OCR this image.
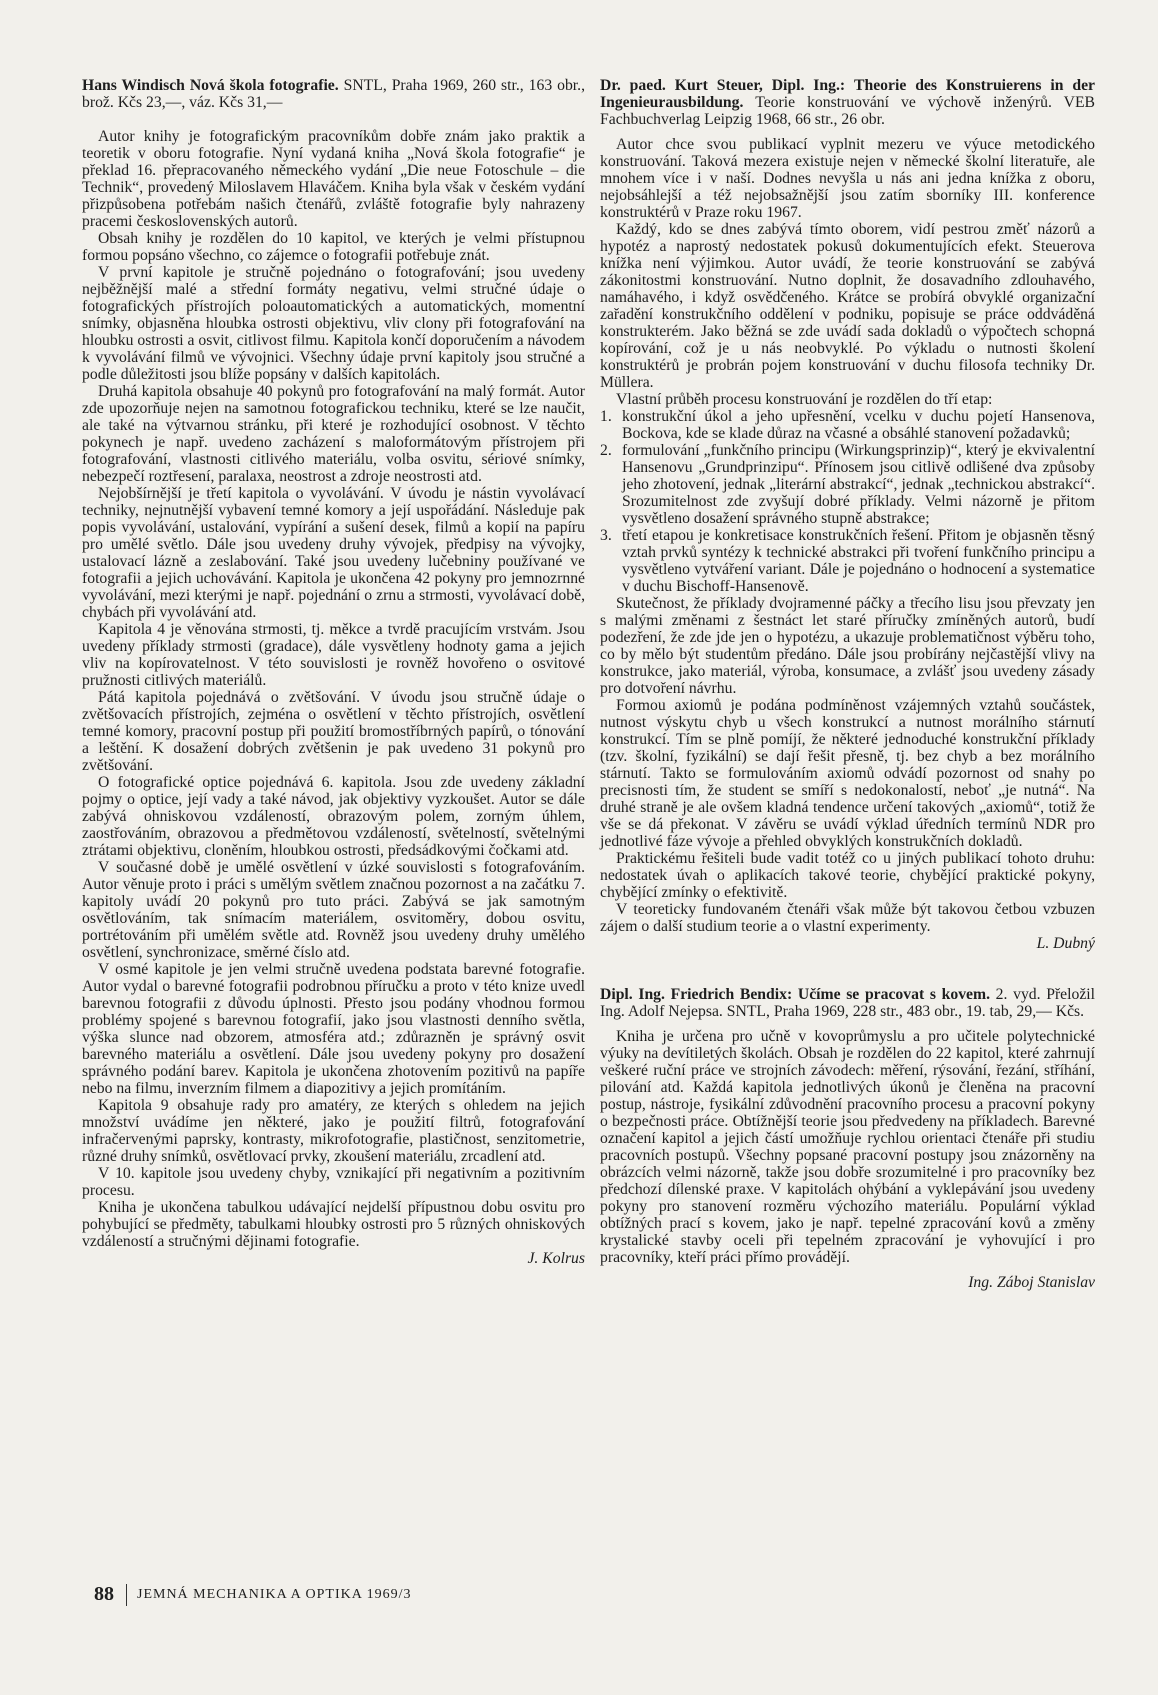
Hans Windisch Nová škola fotografie. SNTL, Praha 1969, 260 str., 163 obr., brož. Kčs 23,—, váz. Kčs 31,—

Autor knihy je fotografickým pracovníkům dobře znám jako praktik a teoretik v oboru fotografie. Nyní vydaná kniha „Nová škola fotografie“ je překlad 16. přepracovaného německého vydání „Die neue Fotoschule – die Technik“, provedený Miloslavem Hlaváčem. Kniha byla však v českém vydání přizpůsobena potřebám našich čtenářů, zvláště fotografie byly nahrazeny pracemi československých autorů.

Obsah knihy je rozdělen do 10 kapitol, ve kterých je velmi přístupnou formou popsáno všechno, co zájemce o fotografii potřebuje znát.

V první kapitole je stručně pojednáno o fotografování; jsou uvedeny nejběžnější malé a střední formáty negativu, velmi stručné údaje o fotografických přístrojích poloautomatických a automatických, momentní snímky, objasněna hloubka ostrosti objektivu, vliv clony při fotografování na hloubku ostrosti a osvit, citlivost filmu. Kapitola končí doporučením a návodem k vyvolávání filmů ve vývojnici. Všechny údaje první kapitoly jsou stručné a podle důležitosti jsou blíže popsány v dalších kapitolách.

Druhá kapitola obsahuje 40 pokynů pro fotografování na malý formát. Autor zde upozorňuje nejen na samotnou fotografickou techniku, které se lze naučit, ale také na výtvarnou stránku, při které je rozhodující osobnost. V těchto pokynech je např. uvedeno zacházení s maloformátovým přístrojem při fotografování, vlastnosti citlivého materiálu, volba osvitu, sériové snímky, nebezpečí roztřesení, paralaxa, neostrost a zdroje neostrosti atd.

Nejobšírnější je třetí kapitola o vyvolávání. V úvodu je nástin vyvolávací techniky, nejnutnější vybavení temné komory a její uspořádání. Následuje pak popis vyvolávání, ustalování, vypírání a sušení desek, filmů a kopií na papíru pro umělé světlo. Dále jsou uvedeny druhy vývojek, předpisy na vývojky, ustalovací lázně a zeslabování. Také jsou uvedeny lučebniny používané ve fotografii a jejich uchovávání. Kapitola je ukončena 42 pokyny pro jemnozrnné vyvolávání, mezi kterými je např. pojednání o zrnu a strmosti, vyvolávací době, chybách při vyvolávání atd.

Kapitola 4 je věnována strmosti, tj. měkce a tvrdě pracujícím vrstvám. Jsou uvedeny příklady strmosti (gradace), dále vysvětleny hodnoty gama a jejich vliv na kopírovatelnost. V této souvislosti je rovněž hovořeno o osvitové pružnosti citlivých materiálů.

Pátá kapitola pojednává o zvětšování. V úvodu jsou stručně údaje o zvětšovacích přístrojích, zejména o osvětlení v těchto přístrojích, osvětlení temné komory, pracovní postup při použití bromostříbrných papírů, o tónování a leštění. K dosažení dobrých zvětšenin je pak uvedeno 31 pokynů pro zvětšování.

O fotografické optice pojednává 6. kapitola. Jsou zde uvedeny základní pojmy o optice, její vady a také návod, jak objektivy vyzkoušet. Autor se dále zabývá ohniskovou vzdáleností, obrazovým polem, zorným úhlem, zaostřováním, obrazovou a předmětovou vzdáleností, světelností, světelnými ztrátami objektivu, cloněním, hloubkou ostrosti, předsádkovými čočkami atd.

V současné době je umělé osvětlení v úzké souvislosti s fotografováním. Autor věnuje proto i práci s umělým světlem značnou pozornost a na začátku 7. kapitoly uvádí 20 pokynů pro tuto práci. Zabývá se jak samotným osvětlováním, tak snímacím materiálem, osvitoměry, dobou osvitu, portrétováním při umělém světle atd. Rovněž jsou uvedeny druhy umělého osvětlení, synchronizace, směrné číslo atd.

V osmé kapitole je jen velmi stručně uvedena podstata barevné fotografie. Autor vydal o barevné fotografii podrobnou příručku a proto v této knize uvedl barevnou fotografii z důvodu úplnosti. Přesto jsou podány vhodnou formou problémy spojené s barevnou fotografií, jako jsou vlastnosti denního světla, výška slunce nad obzorem, atmosféra atd.; zdůrazněn je správný osvit barevného materiálu a osvětlení. Dále jsou uvedeny pokyny pro dosažení správného podání barev. Kapitola je ukončena zhotovením pozitivů na papíře nebo na filmu, inverzním filmem a diapozitivy a jejich promítáním.

Kapitola 9 obsahuje rady pro amatéry, ze kterých s ohledem na jejich množství uvádíme jen některé, jako je použití filtrů, fotografování infračervenými paprsky, kontrasty, mikrofotografie, plastičnost, senzitometrie, různé druhy snímků, osvětlovací prvky, zkoušení materiálu, zrcadlení atd.

V 10. kapitole jsou uvedeny chyby, vznikající při negativním a pozitivním procesu.

Kniha je ukončena tabulkou udávající nejdelší přípustnou dobu osvitu pro pohybující se předměty, tabulkami hloubky ostrosti pro 5 různých ohniskových vzdáleností a stručnými dějinami fotografie.

J. Kolrus

Dr. paed. Kurt Steuer, Dipl. Ing.: Theorie des Konstruierens in der Ingenieurausbildung. Teorie konstruování ve výchově inženýrů. VEB Fachbuchverlag Leipzig 1968, 66 str., 26 obr.

Autor chce svou publikací vyplnit mezeru ve výuce metodického konstruování. Taková mezera existuje nejen v německé školní literatuře, ale mnohem více i v naší. Dodnes nevyšla u nás ani jedna knížka z oboru, nejobsáhlejší a též nejobsažnější jsou zatím sborníky III. konference konstruktérů v Praze roku 1967.

Každý, kdo se dnes zabývá tímto oborem, vidí pestrou změť názorů a hypotéz a naprostý nedostatek pokusů dokumentujících efekt. Steuerova knížka není výjimkou. Autor uvádí, že teorie konstruování se zabývá zákonitostmi konstruování. Nutno doplnit, že dosavadního zdlouhavého, namáhavého, i když osvědčeného. Krátce se probírá obvyklé organizační zařadění konstrukčního oddělení v podniku, popisuje se práce oddváděná konstrukterém. Jako běžná se zde uvádí sada dokladů o výpočtech schopná kopírování, což je u nás neobvyklé. Po výkladu o nutnosti školení konstruktérů je probrán pojem konstruování v duchu filosofa techniky Dr. Müllera.

Vlastní průběh procesu konstruování je rozdělen do tří etap:

konstrukční úkol a jeho upřesnění, vcelku v duchu pojetí Hansenova, Bockova, kde se klade důraz na včasné a obsáhlé stanovení požadavků;
formulování „funkčního principu (Wirkungsprinzip)“, který je ekvivalentní Hansenovu „Grundprinzipu“. Přínosem jsou citlivě odlišené dva způsoby jeho zhotovení, jednak „literární abstrakcí“, jednak „technickou abstrakcí“. Srozumitelnost zde zvyšují dobré příklady. Velmi názorně je přitom vysvětleno dosažení správného stupně abstrakce;
třetí etapou je konkretisace konstrukčních řešení. Přitom je objasněn těsný vztah prvků syntézy k technické abstrakci při tvoření funkčního principu a vysvětleno vytváření variant. Dále je pojednáno o hodnocení a systematice v duchu Bischoff-Hansenově.

Skutečnost, že příklady dvojramenné páčky a třecího lisu jsou převzaty jen s malými změnami z šestnáct let staré příručky zmíněných autorů, budí podezření, že zde jde jen o hypotézu, a ukazuje problematičnost výběru toho, co by mělo být studentům předáno. Dále jsou probírány nejčastější vlivy na konstrukce, jako materiál, výroba, konsumace, a zvlášť jsou uvedeny zásady pro dotvoření návrhu.

Formou axiomů je podána podmíněnost vzájemných vztahů součástek, nutnost výskytu chyb u všech konstrukcí a nutnost morálního stárnutí konstrukcí. Tím se plně pomíjí, že některé jednoduché konstrukční příklady (tzv. školní, fyzikální) se dají řešit přesně, tj. bez chyb a bez morálního stárnutí. Takto se formulováním axiomů odvádí pozornost od snahy po precisnosti tím, že student se smíří s nedokonalostí, neboť „je nutná“. Na druhé straně je ale ovšem kladná tendence určení takových „axiomů“, totiž že vše se dá překonat. V závěru se uvádí výklad úředních termínů NDR pro jednotlivé fáze vývoje a přehled obvyklých konstrukčních dokladů.

Praktickému řešiteli bude vadit totéž co u jiných publikací tohoto druhu: nedostatek úvah o aplikacích takové teorie, chybějící praktické pokyny, chybějící zmínky o efektivitě.

V teoreticky fundovaném čtenáři však může být takovou četbou vzbuzen zájem o další studium teorie a o vlastní experimenty.

L. Dubný

Dipl. Ing. Friedrich Bendix: Učíme se pracovat s kovem. 2. vyd. Přeložil Ing. Adolf Nejepsa. SNTL, Praha 1969, 228 str., 483 obr., 19. tab, 29,— Kčs.

Kniha je určena pro učně v kovoprůmyslu a pro učitele polytechnické výuky na devítiletých školách. Obsah je rozdělen do 22 kapitol, které zahrnují veškeré ruční práce ve strojních závodech: měření, rýsování, řezání, stříhání, pilování atd. Každá kapitola jednotlivých úkonů je členěna na pracovní postup, nástroje, fysikální zdůvodnění pracovního procesu a pracovní pokyny o bezpečnosti práce. Obtížnější teorie jsou předvedeny na příkladech. Barevné označení kapitol a jejich částí umožňuje rychlou orientaci čtenáře při studiu pracovních postupů. Všechny popsané pracovní postupy jsou znázorněny na obrázcích velmi názorně, takže jsou dobře srozumitelné i pro pracovníky bez předchozí dílenské praxe. V kapitolách ohýbání a vyklepávání jsou uvedeny pokyny pro stanovení rozměru výchozího materiálu. Populární výklad obtížných prací s kovem, jako je např. tepelné zpracování kovů a změny krystalické stavby oceli při tepelném zpracování je vyhovující i pro pracovníky, kteří práci přímo provádějí.

Ing. Záboj Stanislav

88 JEMNÁ MECHANIKA A OPTIKA 1969/3
